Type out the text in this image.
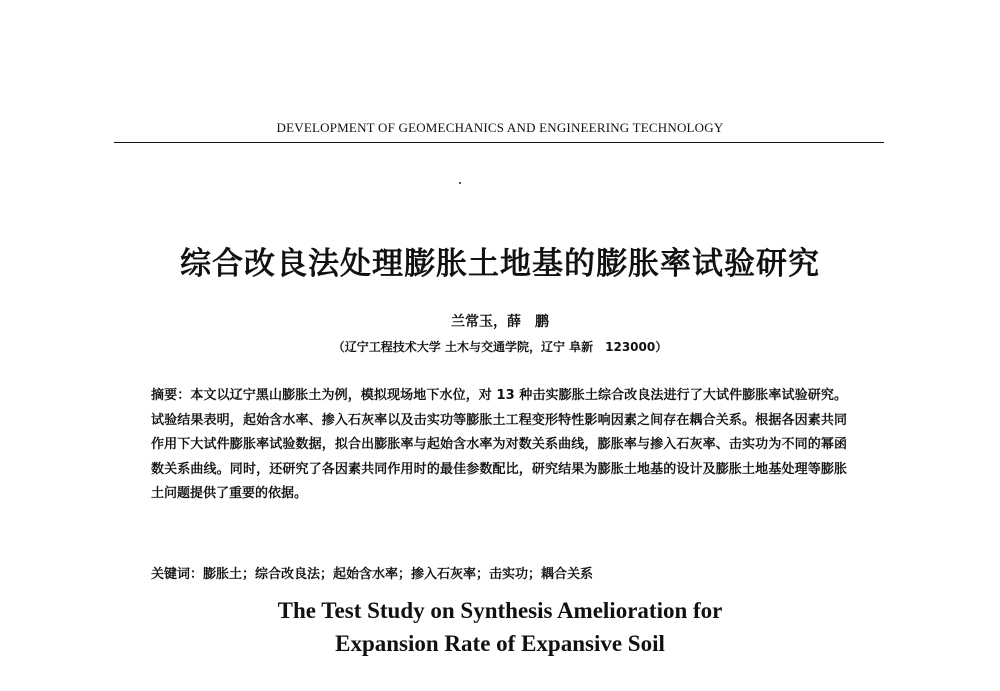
DEVELOPMENT OF GEOMECHANICS AND ENGINEERING TECHNOLOGY
综合改良法处理膨胀土地基的膨胀率试验研究
兰常玉，薛　鹏
（辽宁工程技术大学 土木与交通学院，辽宁 阜新　123000）
摘要：本文以辽宁黑山膨胀土为例，模拟现场地下水位，对 13 种击实膨胀土综合改良法进行了大试件膨胀率试验研究。试验结果表明，起始含水率、掺入石灰率以及击实功等膨胀土工程变形特性影响因素之间存在耦合关系。根据各因素共同作用下大试件膨胀率试验数据，拟合出膨胀率与起始含水率为对数关系曲线，膨胀率与掺入石灰率、击实功为不同的幂函数关系曲线。同时，还研究了各因素共同作用时的最佳参数配比，研究结果为膨胀土地基的设计及膨胀土地基处理等膨胀土问题提供了重要的依据。
关键词：膨胀土；综合改良法；起始含水率；掺入石灰率；击实功；耦合关系
The Test Study on Synthesis Amelioration for
Expansion Rate of Expansive Soil
